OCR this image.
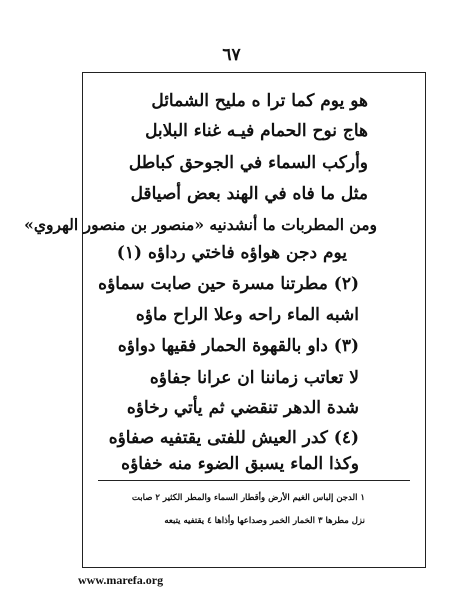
٦٧
هو يوم كما ترا ه مليح الشمائل
هاج نوح الحمام فيـه غناء البلابل
وأركب السماء في الجوحق كباطل
مثل ما فاه في الهند بعض أصياقل
ومن المطربات ما أنشدنيه «منصور بن منصور الهروي»
يوم دجن هواؤه فاختي رداؤه (١)
(٢) مطرتنا مسرة حين صابت سماؤه
اشبه الماء راحه وعلا الراح ماؤه
(٣) داو بالقهوة الحمار فقيها دواؤه
لا تعاتب زماننا ان عرانا جفاؤه
شدة الدهر تنقضي ثم يأتي رخاؤه
(٤) كدر العيش للفتى يقتفيه صفاؤه
وكذا الماء يسبق الضوء منه خفاؤه
١ الدجن إلباس الغيم الأرض وأقطار السماء والمطر الكثير ٢ صابت
نزل مطرها ٣ الخمار الخمر وصداعها وأذاها ٤ يقتفيه يتبعه
www.marefa.org
